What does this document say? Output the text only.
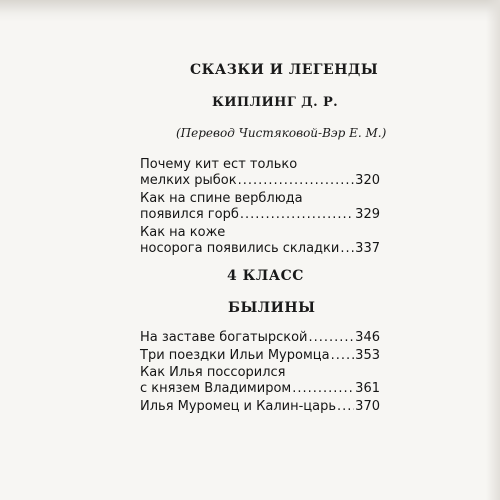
СКАЗКИ И ЛЕГЕНДЫ
КИПЛИНГ Д. Р.
(Перевод Чистяковой-Вэр Е. М.)
Почему кит ест только
мелких рыбок .....	320
Как на спине верблюда
появился горб .....	329
Как на коже
носорога появились складки ..... 337
4 КЛАСС
БЫЛИНЫ
На заставе богатырской .....	346
Три поездки Ильи Муромца ..... 353
Как Илья поссорился
с князем Владимиром .....	361
Илья Муромец и Калин-царь ..... 370
